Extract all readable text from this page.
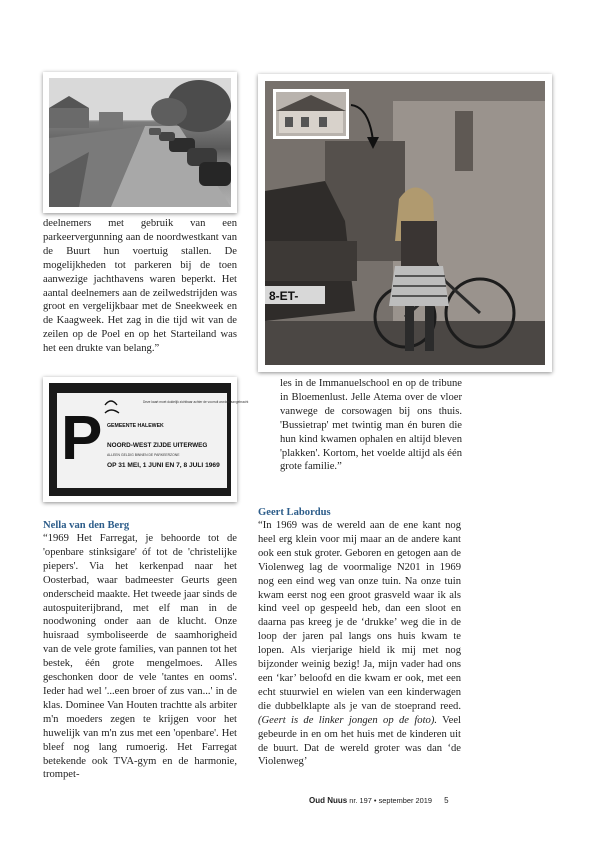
8-ET-
P GEMEENTE HALEWEK
Deze kaart moet duidelijk zichtbaar achter de voorruit worden aangebracht
NOORD-WEST ZIJDE UITERWEG
ALLEEN GELDIG BINNEN DE PARKEERZONE
OP 31 MEI, 1 JUNI EN 7, 8 JULI 1969

deelnemers met gebruik van een parkeervergunning aan de noordwestkant van de Buurt hun voertuig stallen. De mogelijkheden tot parkeren bij de toen aanwezige jachthavens waren beperkt. Het aantal deelnemers aan de zeilwedstrijden was groot en vergelijkbaar met de Sneekweek en de Kaagweek. Het zag in die tijd wit van de zeilen op de Poel en op het Starteiland was het een drukte van belang.”

les in de Immanuelschool en op de tribune in Bloemenlust. Jelle Atema over de vloer vanwege de corsowagen bij ons thuis. 'Bussietrap' met twintig man én buren die hun kind kwamen ophalen en altijd bleven 'plakken'. Kortom, het voelde altijd als één grote familie.”

Nella van den Berg

“1969 Het Farregat, je behoorde tot de 'openbare stinksigare' óf tot de 'christelijke piepers'. Via het kerkenpad naar het Oosterbad, waar badmeester Geurts geen onderscheid maakte. Het tweede jaar sinds de autospuiterijbrand, met elf man in de noodwoning onder aan de klucht. Onze huisraad symboliseerde de saamhorigheid van de vele grote families, van pannen tot het bestek, één grote mengelmoes. Alles geschonken door de vele 'tantes en ooms'. Ieder had wel '...een broer of zus van...' in de klas. Dominee Van Houten trachtte als arbiter m'n moeders zegen te krijgen voor het huwelijk van m'n zus met een 'openbare'. Het bleef nog lang rumoerig. Het Farregat betekende ook TVA-gym en de harmonie, trompet-

Geert Labordus

“In 1969 was de wereld aan de ene kant nog heel erg klein voor mij maar an de andere kant ook een stuk groter. Geboren en getogen aan de Violenweg lag de voormalige N201 in 1969 nog een eind weg van onze tuin. Na onze tuin kwam eerst nog een groot grasveld waar ik als kind veel op gespeeld heb, dan een sloot en daarna pas kreeg je de ‘drukke’ weg die in de loop der jaren pal langs ons huis kwam te lopen. Als vierjarige hield ik mij met nog bijzonder weinig bezig! Ja, mijn vader had ons een ‘kar’ beloofd en die kwam er ook, met een echt stuurwiel en wielen van een kinderwagen die dubbelklapte als je van de stoeprand reed. (Geert is de linker jongen op de foto). Veel gebeurde in en om het huis met de kinderen uit de buurt. Dat de wereld groter was dan ‘de Violenweg’

Oud Nuus nr. 197 • september 2019 5
